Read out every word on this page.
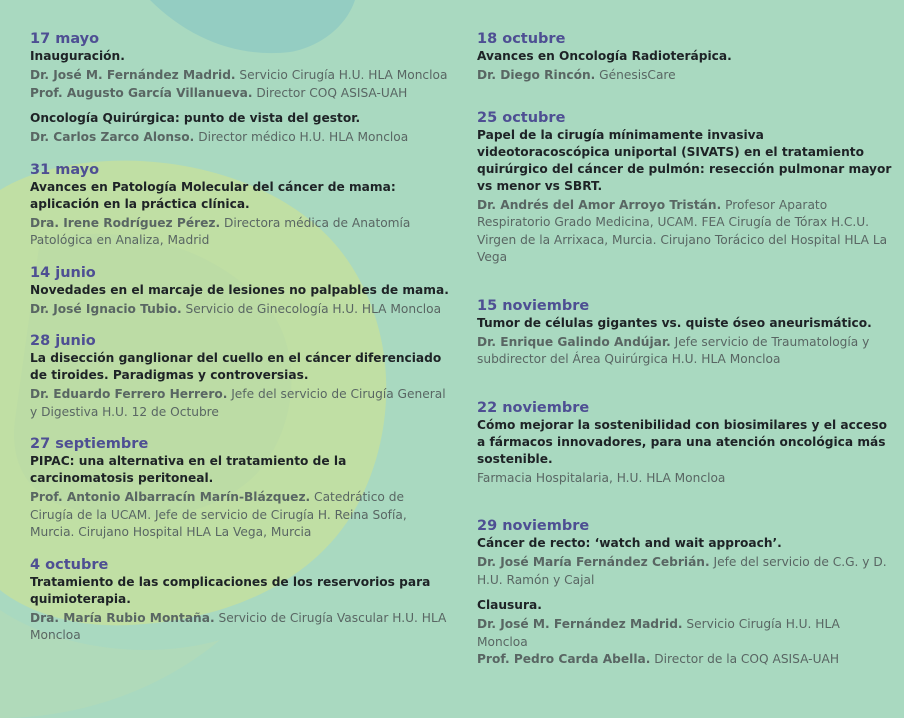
17 mayo
Inauguración.
Dr. José M. Fernández Madrid. Servicio Cirugía H.U. HLA Moncloa
Prof. Augusto García Villanueva. Director COQ ASISA-UAH
Oncología Quirúrgica: punto de vista del gestor.
Dr. Carlos Zarco Alonso. Director médico H.U. HLA Moncloa
31 mayo
Avances en Patología Molecular del cáncer de mama: aplicación en la práctica clínica.
Dra. Irene Rodríguez Pérez. Directora médica de Anatomía Patológica en Analiza, Madrid
14 junio
Novedades en el marcaje de lesiones no palpables de mama.
Dr. José Ignacio Tubio. Servicio de Ginecología H.U. HLA Moncloa
28 junio
La disección ganglionar del cuello en el cáncer diferenciado de tiroides. Paradigmas y controversias.
Dr. Eduardo Ferrero Herrero. Jefe del servicio de Cirugía General y Digestiva H.U. 12 de Octubre
27 septiembre
PIPAC: una alternativa en el tratamiento de la carcinomatosis peritoneal.
Prof. Antonio Albarracín Marín-Blázquez. Catedrático de Cirugía de la UCAM. Jefe de servicio de Cirugía H. Reina Sofía, Murcia. Cirujano Hospital HLA La Vega, Murcia
4 octubre
Tratamiento de las complicaciones de los reservorios para quimioterapia.
Dra. María Rubio Montaña. Servicio de Cirugía Vascular H.U. HLA Moncloa
18 octubre
Avances en Oncología Radioterápica.
Dr. Diego Rincón. GénesisCare
25 octubre
Papel de la cirugía mínimamente invasiva videotoracoscópica uniportal (SIVATS) en el tratamiento quirúrgico del cáncer de pulmón: resección pulmonar mayor vs menor vs SBRT.
Dr. Andrés del Amor Arroyo Tristán. Profesor Aparato Respiratorio Grado Medicina, UCAM. FEA Cirugía de Tórax H.C.U. Virgen de la Arrixaca, Murcia. Cirujano Torácico del Hospital HLA La Vega
15 noviembre
Tumor de células gigantes vs. quiste óseo aneurismático.
Dr. Enrique Galindo Andújar. Jefe servicio de Traumatología y subdirector del Área Quirúrgica H.U. HLA Moncloa
22 noviembre
Cómo mejorar la sostenibilidad con biosimilares y el acceso a fármacos innovadores, para una atención oncológica más sostenible.
Farmacia Hospitalaria, H.U. HLA Moncloa
29 noviembre
Cáncer de recto: ‘watch and wait approach’.
Dr. José María Fernández Cebrián. Jefe del servicio de C.G. y D. H.U. Ramón y Cajal
Clausura.
Dr. José M. Fernández Madrid. Servicio Cirugía H.U. HLA Moncloa
Prof. Pedro Carda Abella. Director de la COQ ASISA-UAH
